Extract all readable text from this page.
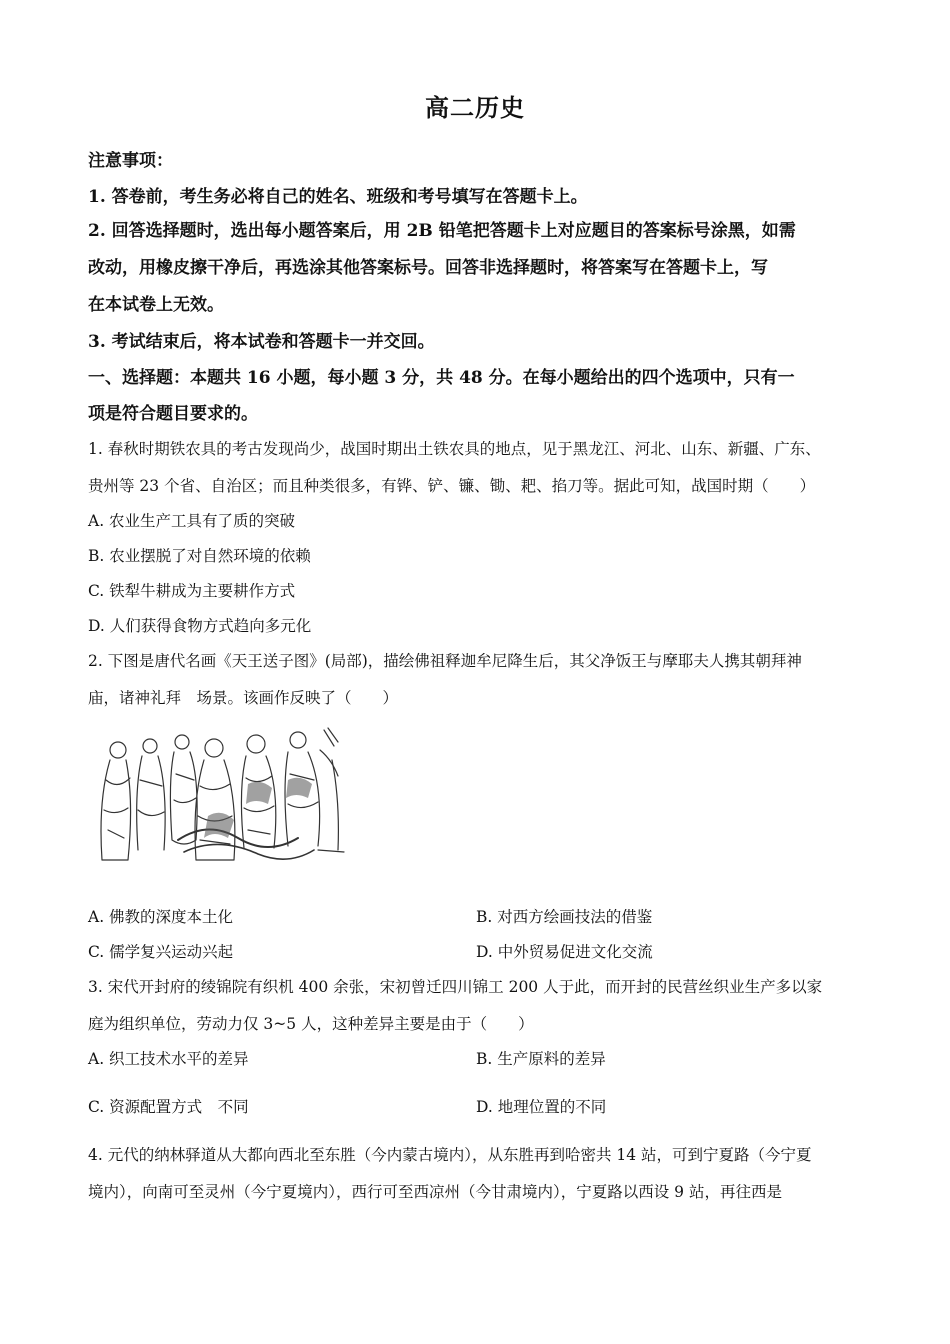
高二历史
注意事项：
1. 答卷前，考生务必将自己的姓名、班级和考号填写在答题卡上。
2. 回答选择题时，选出每小题答案后，用 2B 铅笔把答题卡上对应题目的答案标号涂黑，如需
改动，用橡皮擦干净后，再选涂其他答案标号。回答非选择题时，将答案写在答题卡上，写
在本试卷上无效。
3. 考试结束后，将本试卷和答题卡一并交回。
一、选择题：本题共 16 小题，每小题 3 分，共 48 分。在每小题给出的四个选项中，只有一
项是符合题目要求的。
1. 春秋时期铁农具的考古发现尚少，战国时期出土铁农具的地点，见于黑龙江、河北、山东、新疆、广东、
贵州等 23 个省、自治区；而且种类很多，有铧、铲、镰、锄、耙、掐刀等。据此可知，战国时期（　　）
A. 农业生产工具有了质的突破
B. 农业摆脱了对自然环境的依赖
C. 铁犁牛耕成为主要耕作方式
D. 人们获得食物方式趋向多元化
2. 下图是唐代名画《天王送子图》(局部)，描绘佛祖释迦牟尼降生后，其父净饭王与摩耶夫人携其朝拜神
庙，诸神礼拜　场景。该画作反映了（　　）
A. 佛教的深度本土化	B. 对西方绘画技法的借鉴
C. 儒学复兴运动兴起	D. 中外贸易促进文化交流
3. 宋代开封府的绫锦院有织机 400 余张，宋初曾迁四川锦工 200 人于此，而开封的民营丝织业生产多以家
庭为组织单位，劳动力仅 3~5 人，这种差异主要是由于（　　）
A. 织工技术水平的差异	B. 生产原料的差异
C. 资源配置方式　不同	D. 地理位置的不同
4. 元代的纳林驿道从大都向西北至东胜（今内蒙古境内），从东胜再到哈密共 14 站，可到宁夏路（今宁夏
境内），向南可至灵州（今宁夏境内），西行可至西凉州（今甘肃境内），宁夏路以西设 9 站，再往西是
